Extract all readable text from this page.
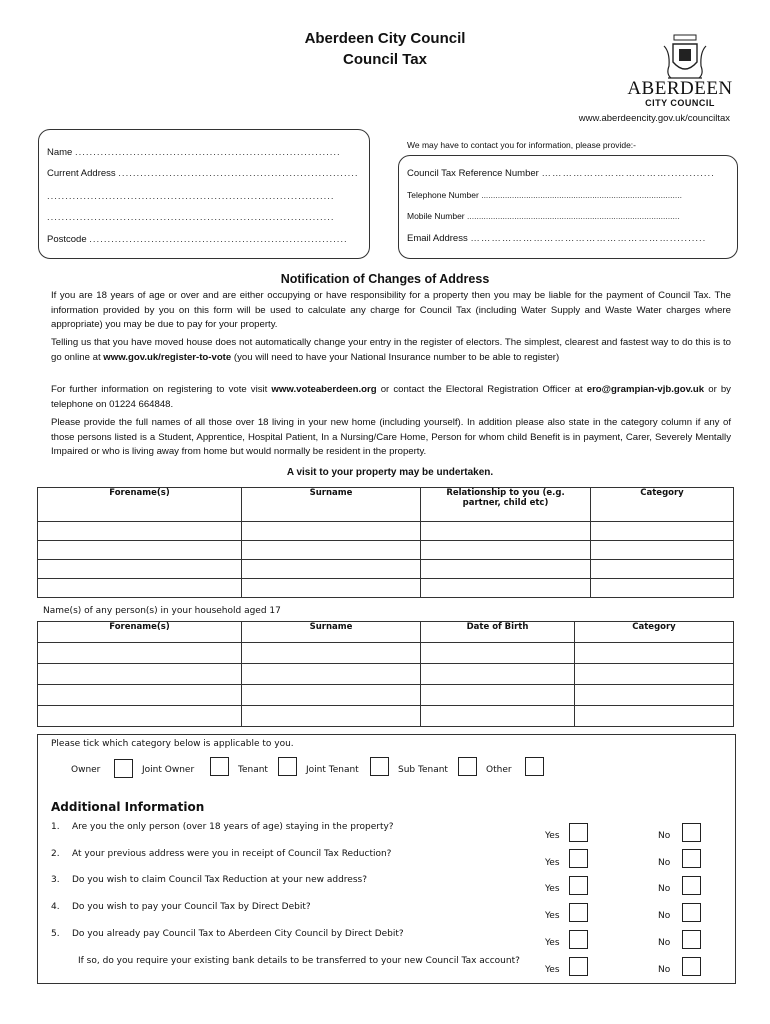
Aberdeen City Council
Council Tax
ABERDEEN
CITY COUNCIL
www.aberdeencity.gov.uk/counciltax
Name .........................................................................
Current Address ..................................................................
...............................................................................
...............................................................................
Postcode .......................................................................
We may have to contact you for information, please provide:-
Council Tax Reference Number ……………………………….............
Telephone Number .....................................................................................
Mobile Number ..........................................................................................
Email Address …………………………………………………..........
Notification of Changes of Address
If you are 18 years of age or over and are either occupying or have responsibility for a property then you may be liable for the payment of Council Tax. The information provided by you on this form will be used to calculate any charge for Council Tax (including Water Supply and Waste Water charges where appropriate) you may be due to pay for your property.
Telling us that you have moved house does not automatically change your entry in the register of electors. The simplest, clearest and fastest way to do this is to go online at www.gov.uk/register-to-vote (you will need to have your National Insurance number to be able to register)
For further information on registering to vote visit www.voteaberdeen.org or contact the Electoral Registration Officer at ero@grampian-vjb.gov.uk or by telephone on 01224 664848.
Please provide the full names of all those over 18 living in your new home (including yourself). In addition please also state in the category column if any of those persons listed is a Student, Apprentice, Hospital Patient, In a Nursing/Care Home, Person for whom child Benefit is in payment, Carer, Severely Mentally Impaired or who is living away from home but would normally be resident in the property.
A visit to your property may be undertaken.
Forename(s)	Surname	Relationship to you (e.g. partner, child etc)	Category

Name(s) of any person(s) in your household aged 17
Forename(s)	Surname	Date of Birth	Category

Please tick which category below is applicable to you.
Owner	Joint Owner	Tenant	Joint Tenant	Sub Tenant	Other
Additional Information
1. Are you the only person (over 18 years of age) staying in the property?
Yes	No
2. At your previous address were you in receipt of Council Tax Reduction?
Yes	No
3. Do you wish to claim Council Tax Reduction at your new address?
Yes	No
4. Do you wish to pay your Council Tax by Direct Debit?
Yes	No
5. Do you already pay Council Tax to Aberdeen City Council by Direct Debit?
Yes	No
If so, do you require your existing bank details to be transferred to your new Council Tax account?
Yes	No
